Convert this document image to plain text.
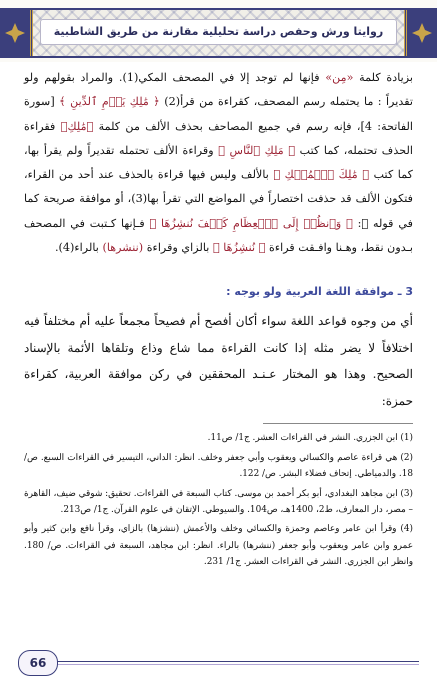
روايتا ورش وحفص دراسة تحليلية مقارنة من طريق الشاطبية

بزيادة كلمة «مِن» فإنها لم توجد إلا في المصحف المكي(1). والمراد بقولهم ولو تقديراً : ما يحتمله رسم المصحف، كقراءة من قرأ(2) ﴿ مَٰلِكِ يَوۡمِ ٱلدِّينِ ﴾ [سورة الفاتحة: 4]، فإنه رسم في جميع المصاحف بحذف الألف من كلمة ﴿مَٰلِكِ﴾ فقراءة الحذف تحتمله، كما كتب ﴿ مَلِكِ ٱلنَّاسِ ﴾ وقراءة الألف تحتمله تقديراً ولم يقرأ بها، كما كتب ﴿ مَٰلِكَ ٱلۡمُلۡكِ ﴾ بالألف وليس فيها قراءة بالحذف عند أحد من القراء، فتكون الألف قد حذفت اختصاراً في المواضع التي تقرأ بها(3)، أو موافقة صريحة كما في قوله ﷺ: ﴿ وَٱنظُرۡ إِلَى ٱلۡعِظَامِ كَيۡفَ نُنشِزُهَا ﴾ فـإنها كـتبت في المصحف بـدون نقط، وهـنا وافـقت قراءة ﴿ نُنشِزُهَا ﴾ بالزاي وقراءة (ننشرها) بالراء(4).

3 ـ موافقة اللغة العربية ولو بوجه :

أي من وجوه قواعد اللغة سواء أكان أفصح أم فصيحاً مجمعاً عليه أم مختلفاً فيه اختلافاً لا يضر مثله إذا كانت القراءة مما شاع وذاع وتلقاها الأئمة بالإسناد الصحيح. وهذا هو المختار عـنـد المحققين في ركن موافقة العربية، كقراءة حمزة:

(1) ابن الجزري. النشر في القراءات العشر. ج1/ ص11.

(2) هي قراءة عاصم والكسائي ويعقوب وأبي جعفر وخلف. انظر: الداني، التيسير في القراءات السبع. ص/ 18. والدمياطي. إتحاف فضلاء البشر. ص/ 122.

(3) ابن مجاهد البغدادي، أبو بكر أحمد بن موسى. كتاب السبعة في القراءات. تحقيق: شوقي ضيف، القاهرة – مصر، دار المعارف، ط2، 1400هـ، ص104. والسيوطي. الإتقان في علوم القرآن. ج1/ ص213.

(4) وقرأ ابن عامر وعاصم وحمزة والكسائي وخلف والأعمش (ننشزها) بالزاي، وقرأ نافع وابن كثير وأبو عمرو وابن عامر ويعقوب وأبو جعفر (ننشرها) بالراء. انظر: ابن مجاهد، السبعة في القراءات. ص/ 180. وانظر ابن الجزري. النشر في القراءات العشر. ج1/ 231.

66
